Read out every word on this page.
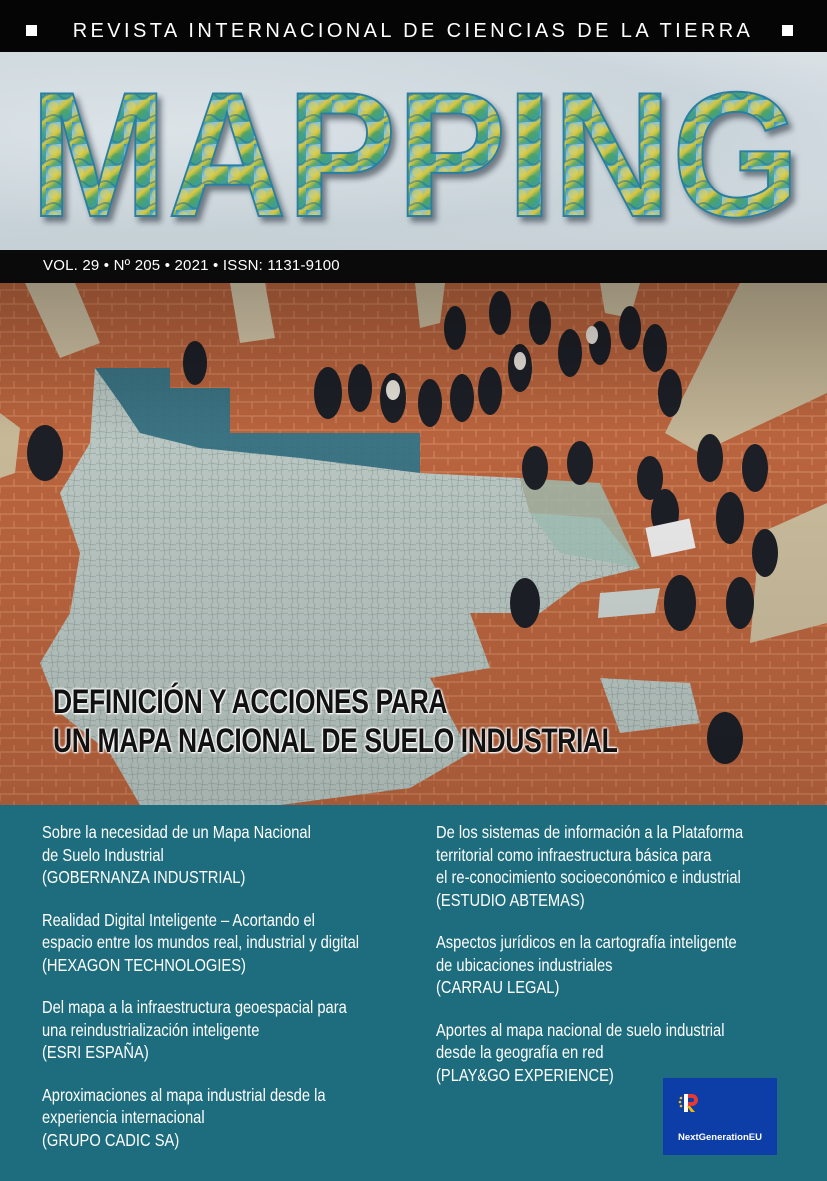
REVISTA INTERNACIONAL DE CIENCIAS DE LA TIERRA
MAPPING
VOL. 29 • Nº 205 • 2021 • ISSN: 1131-9100
DEFINICIÓN Y ACCIONES PARA
UN MAPA NACIONAL DE SUELO INDUSTRIAL
Sobre la necesidad de un Mapa Nacional
de Suelo Industrial
(GOBERNANZA INDUSTRIAL)
Realidad Digital Inteligente – Acortando el
espacio entre los mundos real, industrial y digital
(HEXAGON TECHNOLOGIES)
Del mapa a la infraestructura geoespacial para
una reindustrialización inteligente
(ESRI ESPAÑA)
Aproximaciones al mapa industrial desde la
experiencia internacional
(GRUPO CADIC SA)
De los sistemas de información a la Plataforma
territorial como infraestructura básica para
el re-conocimiento socioeconómico e industrial
(ESTUDIO ABTEMAS)
Aspectos jurídicos en la cartografía inteligente
de ubicaciones industriales
(CARRAU LEGAL)
Aportes al mapa nacional de suelo industrial
desde la geografía en red
(PLAY&GO EXPERIENCE)
NextGenerationEU
